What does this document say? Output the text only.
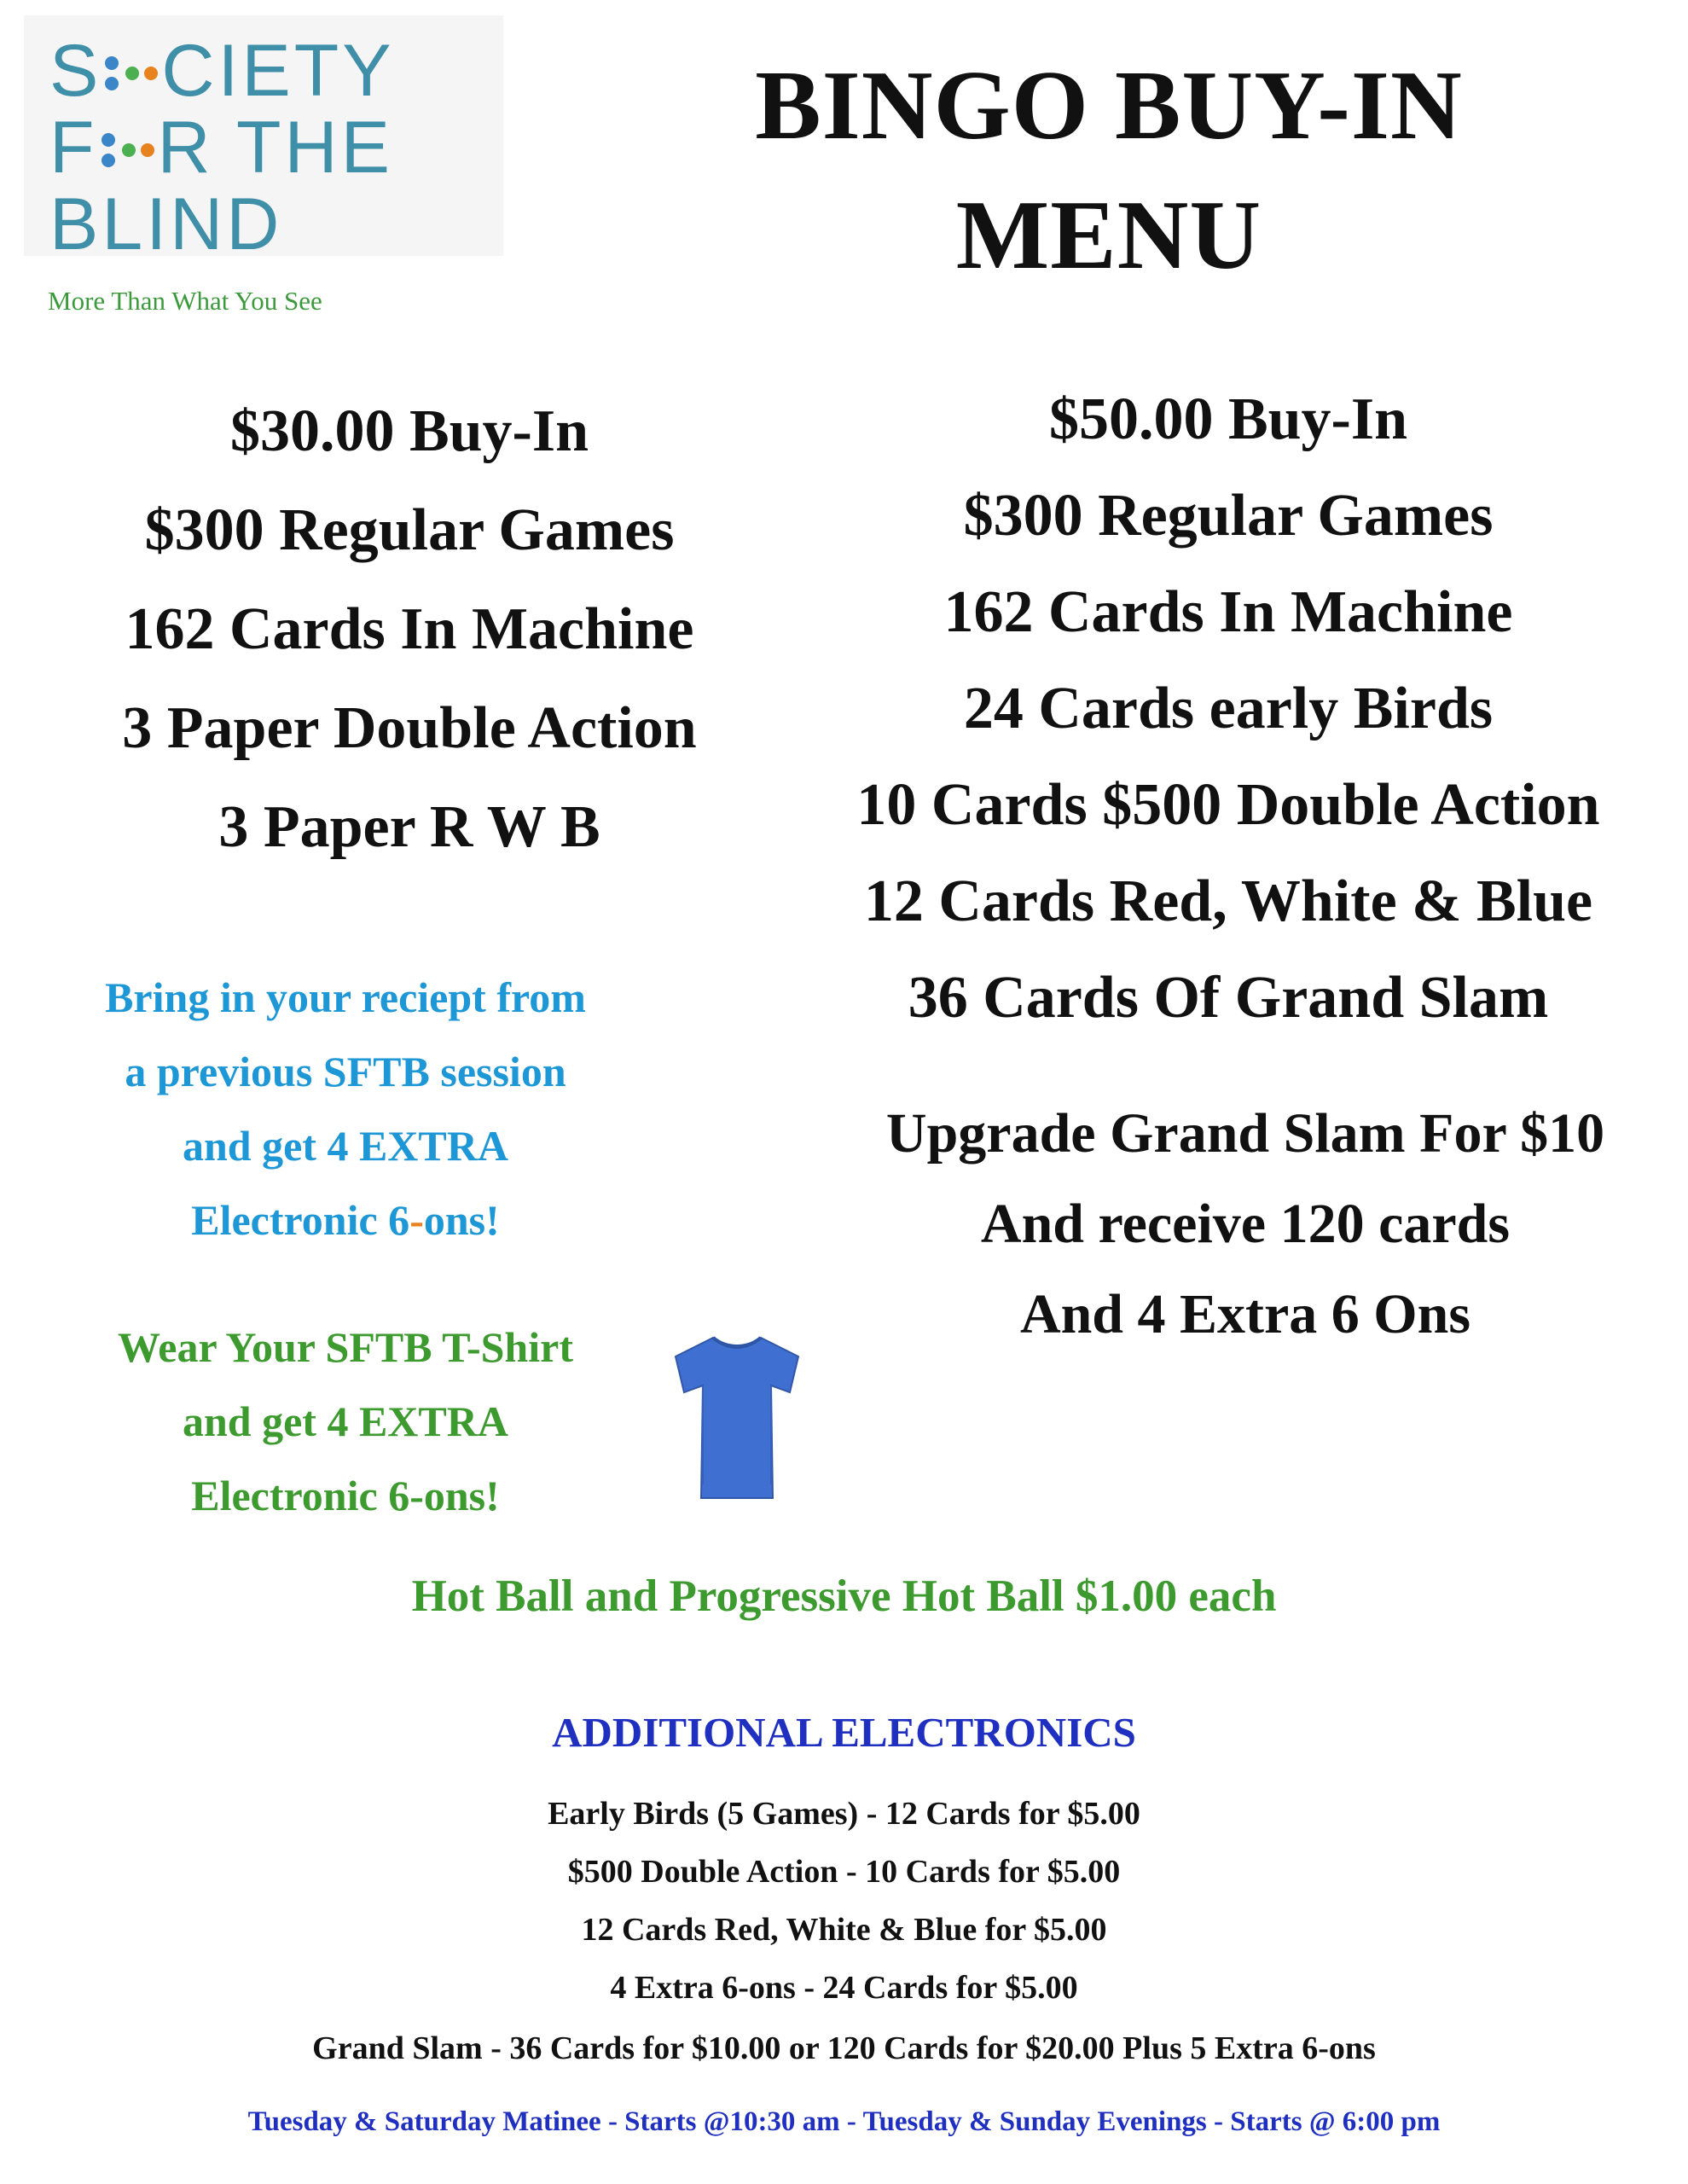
S CIETY
F R THE
BLIND
More Than What You See
BINGO BUY-IN
MENU
$30.00 Buy-In
$300 Regular Games
162 Cards In Machine
3 Paper Double Action
3 Paper R W B
$50.00 Buy-In
$300 Regular Games
162 Cards In Machine
24 Cards early Birds
10 Cards $500 Double Action
12 Cards Red, White & Blue
36 Cards Of Grand Slam
Upgrade Grand Slam For $10
And receive 120 cards
And 4 Extra 6 Ons
Bring in your reciept from
a previous SFTB session
and get 4 EXTRA
Electronic 6-ons!
Wear Your SFTB T-Shirt
and get 4 EXTRA
Electronic 6-ons!
Hot Ball and Progressive Hot Ball $1.00 each
ADDITIONAL ELECTRONICS
Early Birds (5 Games) - 12 Cards for $5.00
$500 Double Action - 10 Cards for $5.00
12 Cards Red, White & Blue for $5.00
4 Extra 6-ons - 24 Cards for $5.00
Grand Slam - 36 Cards for $10.00 or 120 Cards for $20.00 Plus 5 Extra 6-ons
Tuesday & Saturday Matinee - Starts @10:30 am - Tuesday & Sunday Evenings - Starts @ 6:00 pm
